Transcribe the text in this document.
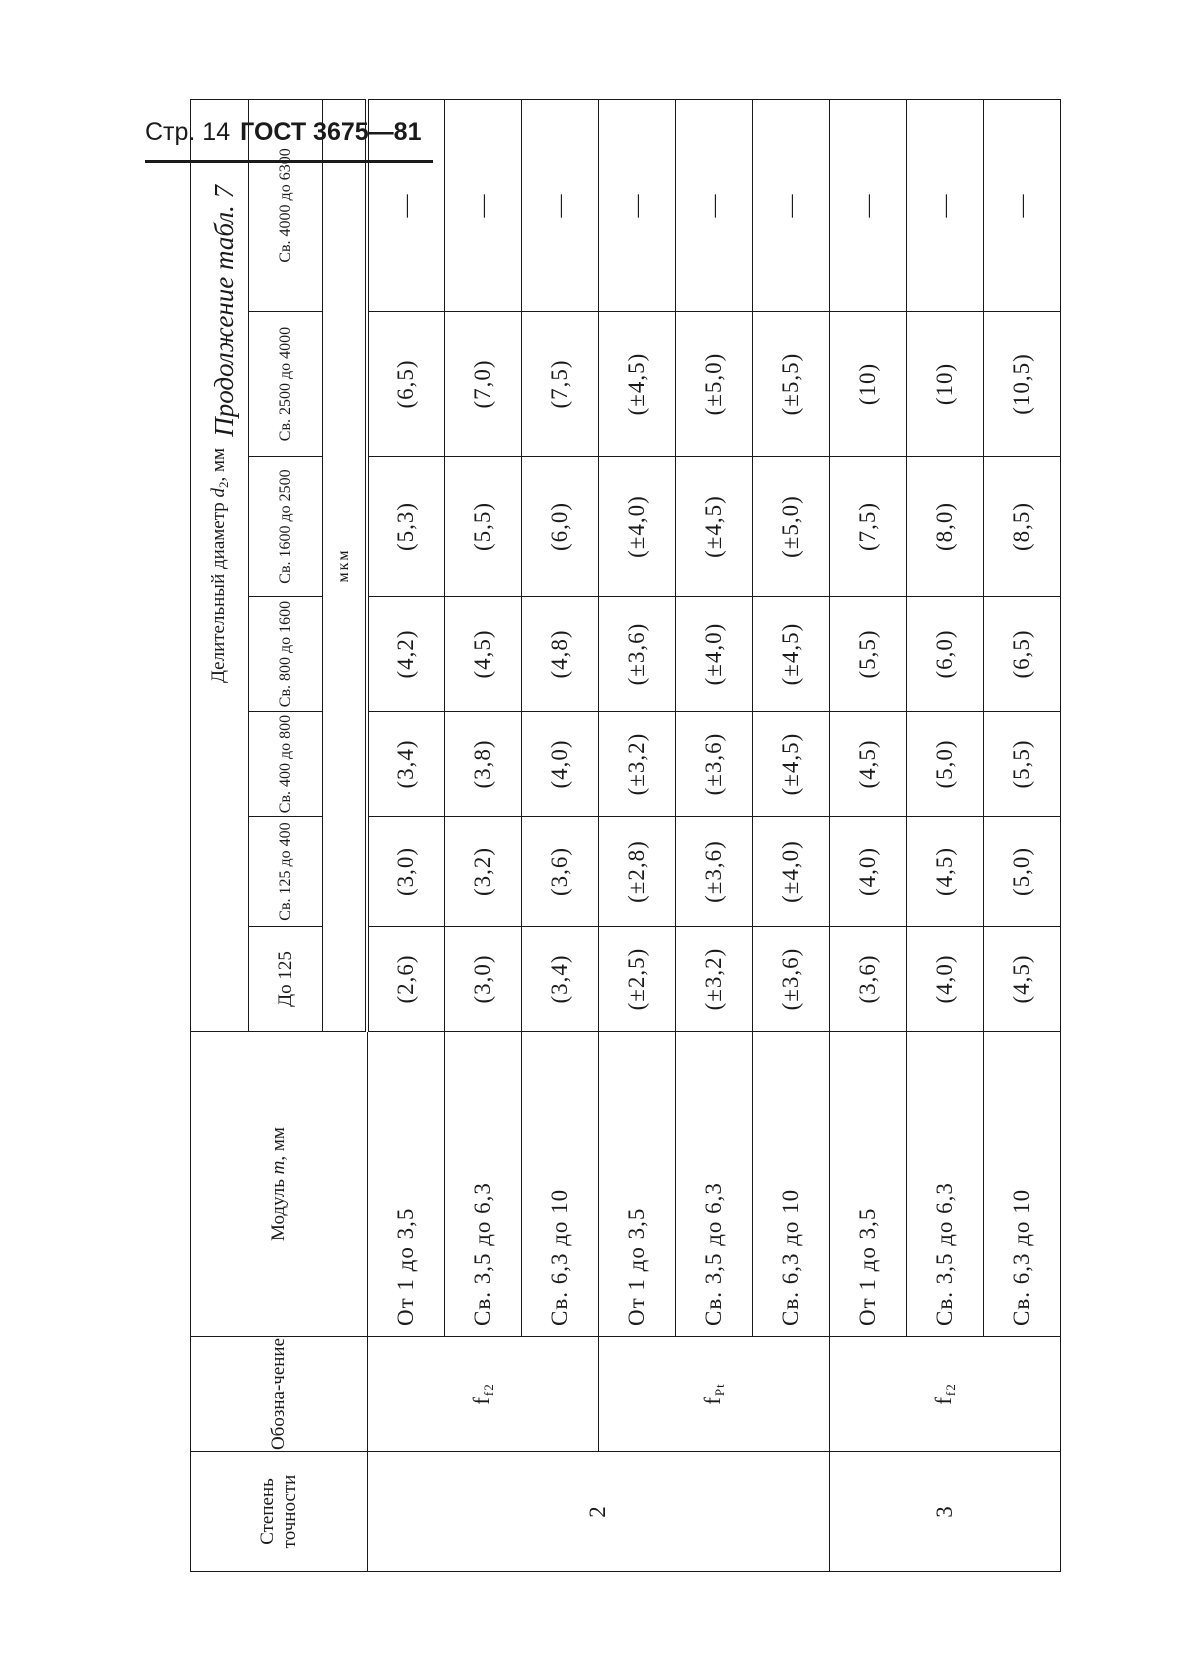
Стр. 14 ГОСТ 3675—81
Продолжение табл. 7
Степень точности	Обозна-чение	Модуль m, мм	Делительный диаметр $d_2$, мм						
			До 125	Св. 125 до 400	Св. 400 до 800	Св. 800 до 1600	Св. 1600 до 2500	Св. 2500 до 4000	Св. 4000 до 6300
			мкм						
2	$f_{f2}$	От 1 до 3,5	(2,6)	(3,0)	(3,4)	(4,2)	(5,3)	(6,5)	—
		Св. 3,5 до 6,3	(3,0)	(3,2)	(3,8)	(4,5)	(5,5)	(7,0)	—
		Св. 6,3 до 10	(3,4)	(3,6)	(4,0)	(4,8)	(6,0)	(7,5)	—
	$f_{Pt}$	От 1 до 3,5	(±2,5)	(±2,8)	(±3,2)	(±3,6)	(±4,0)	(±4,5)	—
		Св. 3,5 до 6,3	(±3,2)	(±3,6)	(±3,6)	(±4,0)	(±4,5)	(±5,0)	—
		Св. 6,3 до 10	(±3,6)	(±4,0)	(±4,5)	(±4,5)	(±5,0)	(±5,5)	—
3	$f_{f2}$	От 1 до 3,5	(3,6)	(4,0)	(4,5)	(5,5)	(7,5)	(10)	—
		Св. 3,5 до 6,3	(4,0)	(4,5)	(5,0)	(6,0)	(8,0)	(10)	—
		Св. 6,3 до 10	(4,5)	(5,0)	(5,5)	(6,5)	(8,5)	(10,5)	—
